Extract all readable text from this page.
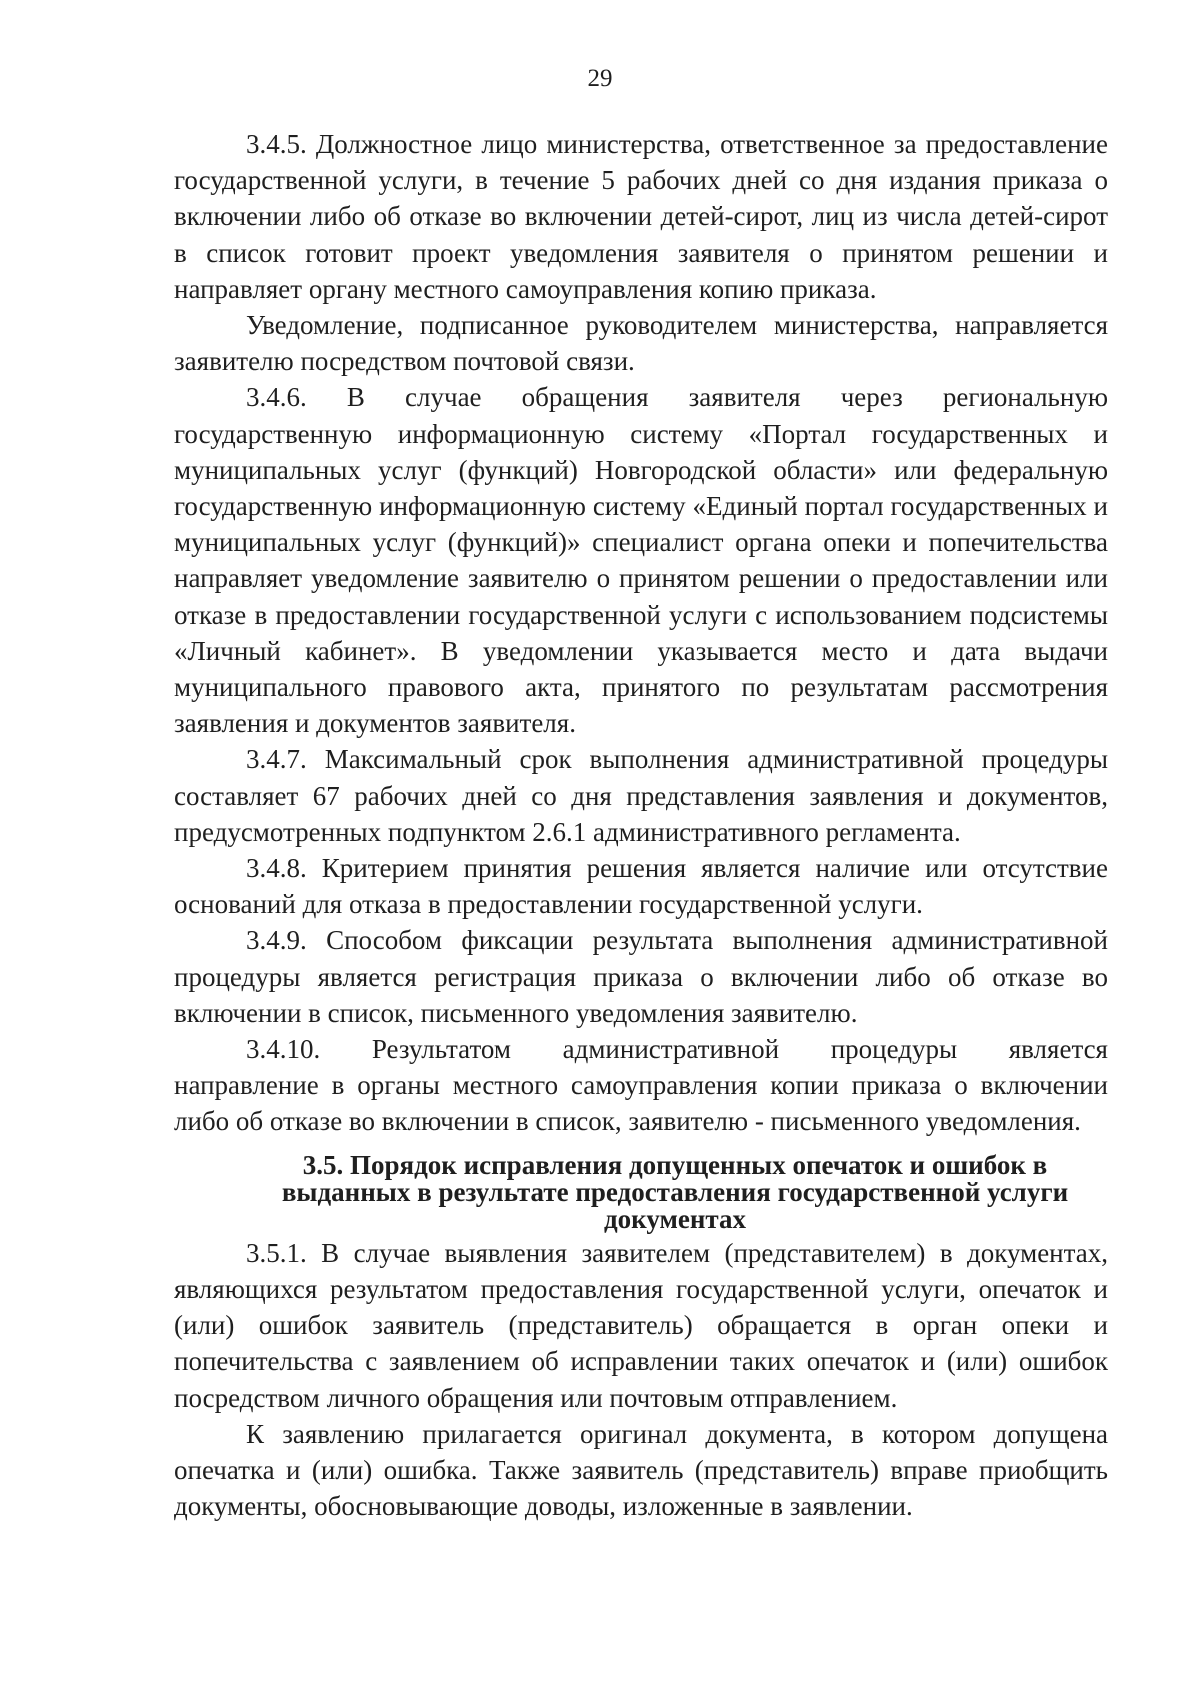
29

3.4.5. Должностное лицо министерства, ответственное за предоставление государственной услуги, в течение 5 рабочих дней со дня издания приказа о включении либо об отказе во включении детей-сирот, лиц из числа детей-сирот в список готовит проект уведомления заявителя о принятом решении и направляет органу местного самоуправления копию приказа.

Уведомление, подписанное руководителем министерства, направляется заявителю посредством почтовой связи.

3.4.6. В случае обращения заявителя через региональную государственную информационную систему «Портал государственных и муниципальных услуг (функций) Новгородской области» или федеральную государственную информационную систему «Единый портал государственных и муниципальных услуг (функций)» специалист органа опеки и попечительства направляет уведомление заявителю о принятом решении о предоставлении или отказе в предоставлении государственной услуги с использованием подсистемы «Личный кабинет». В уведомлении указывается место и дата выдачи муниципального правового акта, принятого по результатам рассмотрения заявления и документов заявителя.

3.4.7. Максимальный срок выполнения административной процедуры составляет 67 рабочих дней со дня представления заявления и документов, предусмотренных подпунктом 2.6.1 административного регламента.

3.4.8. Критерием принятия решения является наличие или отсутствие оснований для отказа в предоставлении государственной услуги.

3.4.9. Способом фиксации результата выполнения административной процедуры является регистрация приказа о включении либо об отказе во включении в список, письменного уведомления заявителю.

3.4.10. Результатом административной процедуры является

направление в органы местного самоуправления копии приказа о включении либо об отказе во включении в список, заявителю - письменного уведомления.

3.5. Порядок исправления допущенных опечаток и ошибок в
выданных в результате предоставления государственной услуги
документах

3.5.1. В случае выявления заявителем (представителем) в документах, являющихся результатом предоставления государственной услуги, опечаток и (или) ошибок заявитель (представитель) обращается в орган опеки и попечительства с заявлением об исправлении таких опечаток и (или) ошибок посредством личного обращения или почтовым отправлением.

К заявлению прилагается оригинал документа, в котором допущена опечатка и (или) ошибка. Также заявитель (представитель) вправе приобщить документы, обосновывающие доводы, изложенные в заявлении.
